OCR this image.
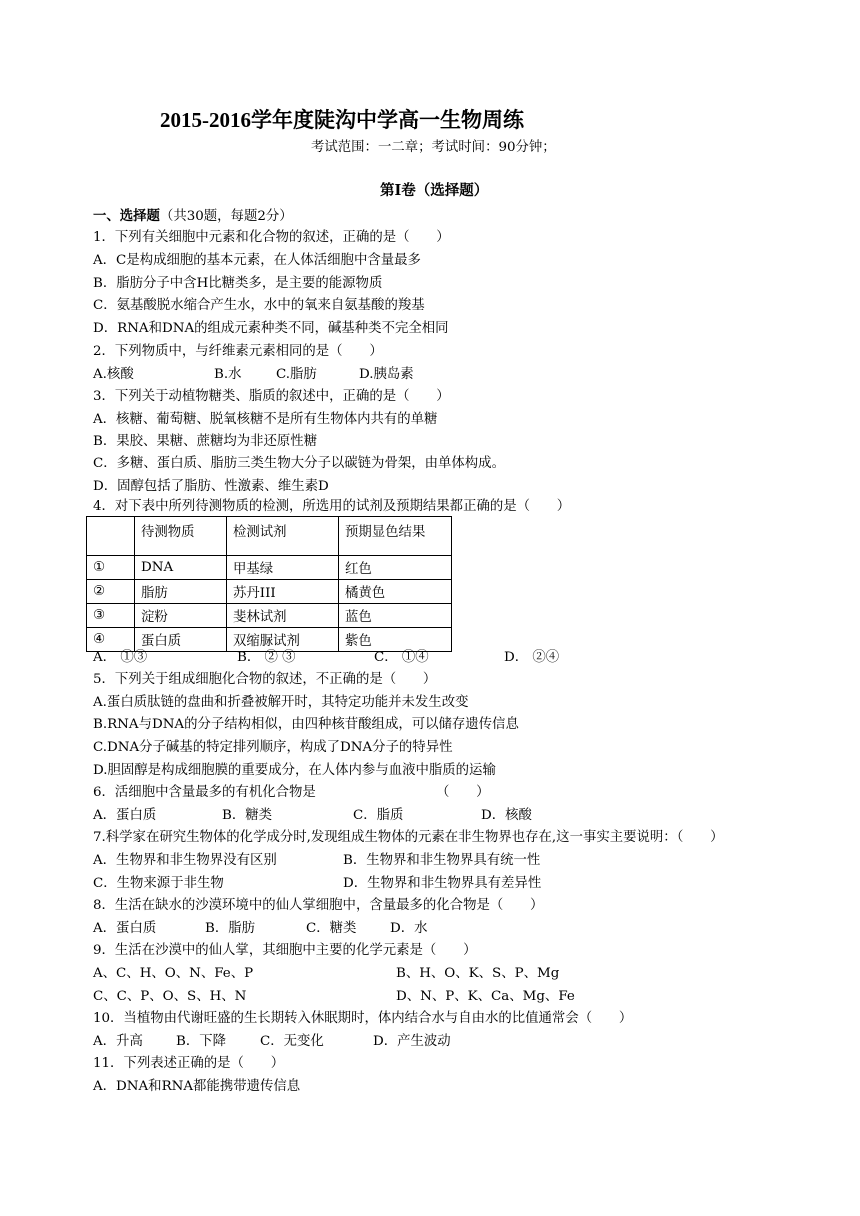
2015-2016学年度陡沟中学高一生物周练
考试范围：一二章；考试时间：90分钟；
第I卷（选择题）
一、选择题（共30题，每题2分）
1．下列有关细胞中元素和化合物的叙述，正确的是（　　）
A．C是构成细胞的基本元素，在人体活细胞中含量最多
B．脂肪分子中含H比糖类多，是主要的能源物质
C．氨基酸脱水缩合产生水，水中的氧来自氨基酸的羧基
D．RNA和DNA的组成元素种类不同，碱基种类不完全相同
2．下列物质中，与纤维素元素相同的是（　　）
A.核酸	B.水	C.脂肪	D.胰岛素
3．下列关于动植物糖类、脂质的叙述中，正确的是（　　）
A．核糖、葡萄糖、脱氧核糖不是所有生物体内共有的单糖
B．果胶、果糖、蔗糖均为非还原性糖
C．多糖、蛋白质、脂肪三类生物大分子以碳链为骨架，由单体构成。
D．固醇包括了脂肪、性激素、维生素D
4．对下表中所列待测物质的检测，所选用的试剂及预期结果都正确的是（　　）
	待测物质	检测试剂	预期显色结果
①	DNA	甲基绿	红色
②	脂肪	苏丹III	橘黄色
③	淀粉	斐林试剂	蓝色
④	蛋白质	双缩脲试剂	紫色
A． ①③	B． ② ③	C． ①④	D． ②④
5．下列关于组成细胞化合物的叙述，不正确的是（　　）
A.蛋白质肽链的盘曲和折叠被解开时，其特定功能并未发生改变
B.RNA与DNA的分子结构相似，由四种核苷酸组成，可以储存遗传信息
C.DNA分子碱基的特定排列顺序，构成了DNA分子的特异性
D.胆固醇是构成细胞膜的重要成分，在人体内参与血液中脂质的运输
6．活细胞中含量最多的有机化合物是	（　　）
A．蛋白质	B．糖类	C．脂质	D．核酸
7.科学家在研究生物体的化学成分时,发现组成生物体的元素在非生物界也存在,这一事实主要说明：（　　）
A．生物界和非生物界没有区别	B．生物界和非生物界具有统一性
C．生物来源于非生物	D．生物界和非生物界具有差异性
8．生活在缺水的沙漠环境中的仙人掌细胞中，含量最多的化合物是（　　）
A．蛋白质	B．脂肪	C．糖类	D．水
9．生活在沙漠中的仙人掌，其细胞中主要的化学元素是（　　）
A、C、H、O、N、Fe、P	B、H、O、K、S、P、Mg
C、C、P、O、S、H、N	D、N、P、K、Ca、Mg、Fe
10．当植物由代谢旺盛的生长期转入休眠期时，体内结合水与自由水的比值通常会（　　）
A．升高 B．下降	C．无变化	D．产生波动
11．下列表述正确的是（　　）
A．DNA和RNA都能携带遗传信息
